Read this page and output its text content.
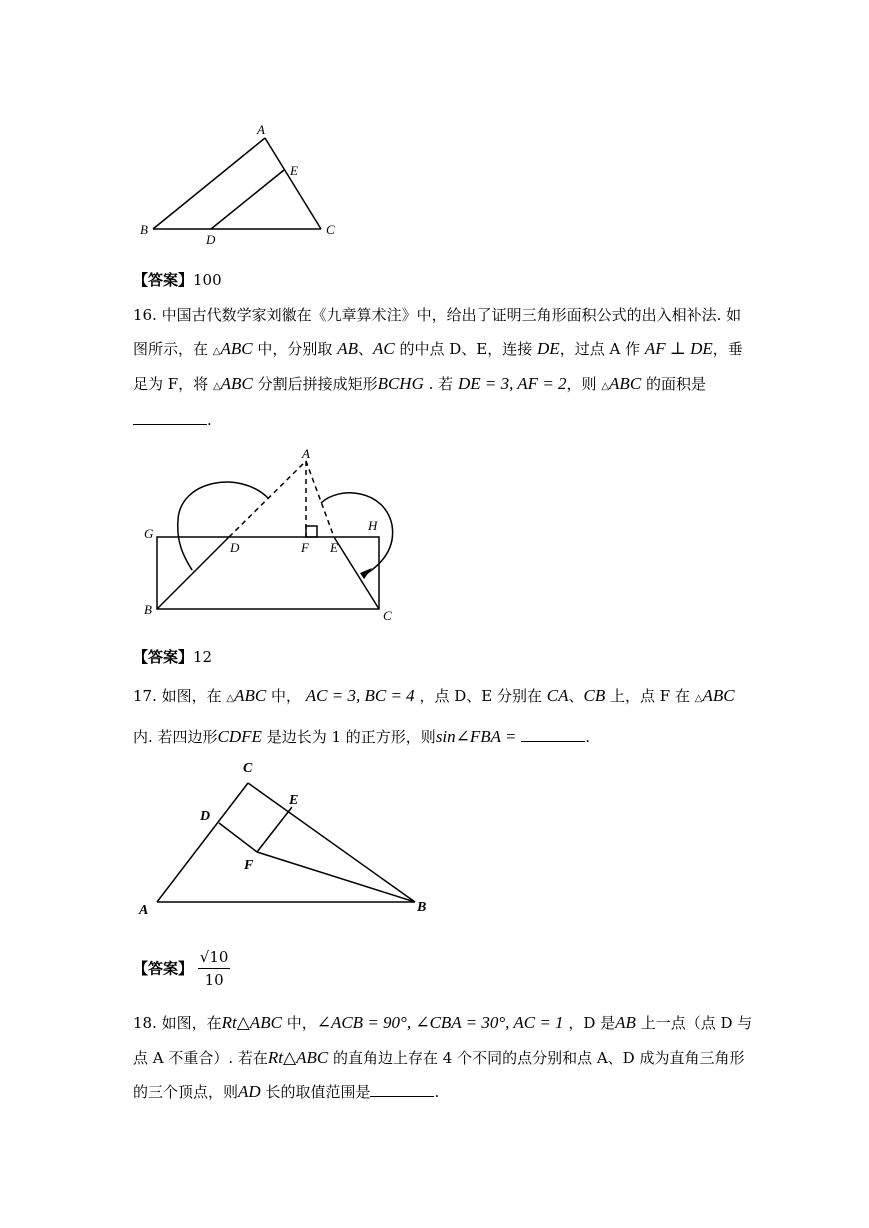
A
E
B
D
C
【答案】100
16. 中国古代数学家刘徽在《九章算术注》中，给出了证明三角形面积公式的出入相补法. 如
图所示，在 △ABC 中，分别取 AB、AC 的中点 D、E，连接 DE，过点 A 作 AF ⊥ DE，垂
足为 F，将 △ABC 分割后拼接成矩形BCHG . 若 DE = 3, AF = 2，则 △ABC 的面积是
.
A
G
H
D	F E
B	C
【答案】12
17. 如图，在 △ABC 中， AC = 3, BC = 4 ，点 D、E 分别在 CA、CB 上，点 F 在 △ABC
内. 若四边形CDFE 是边长为 1 的正方形，则sin∠FBA =	.
C
D
E
F
A	B
【答案】 $\frac{√10}{10}$
18. 如图，在Rt△ABC 中，∠ACB = 90°, ∠CBA = 30°, AC = 1 ，D 是AB 上一点（点 D 与
点 A 不重合）. 若在Rt△ABC 的直角边上存在 4 个不同的点分别和点 A、D 成为直角三角形
的三个顶点，则AD 长的取值范围是	.
